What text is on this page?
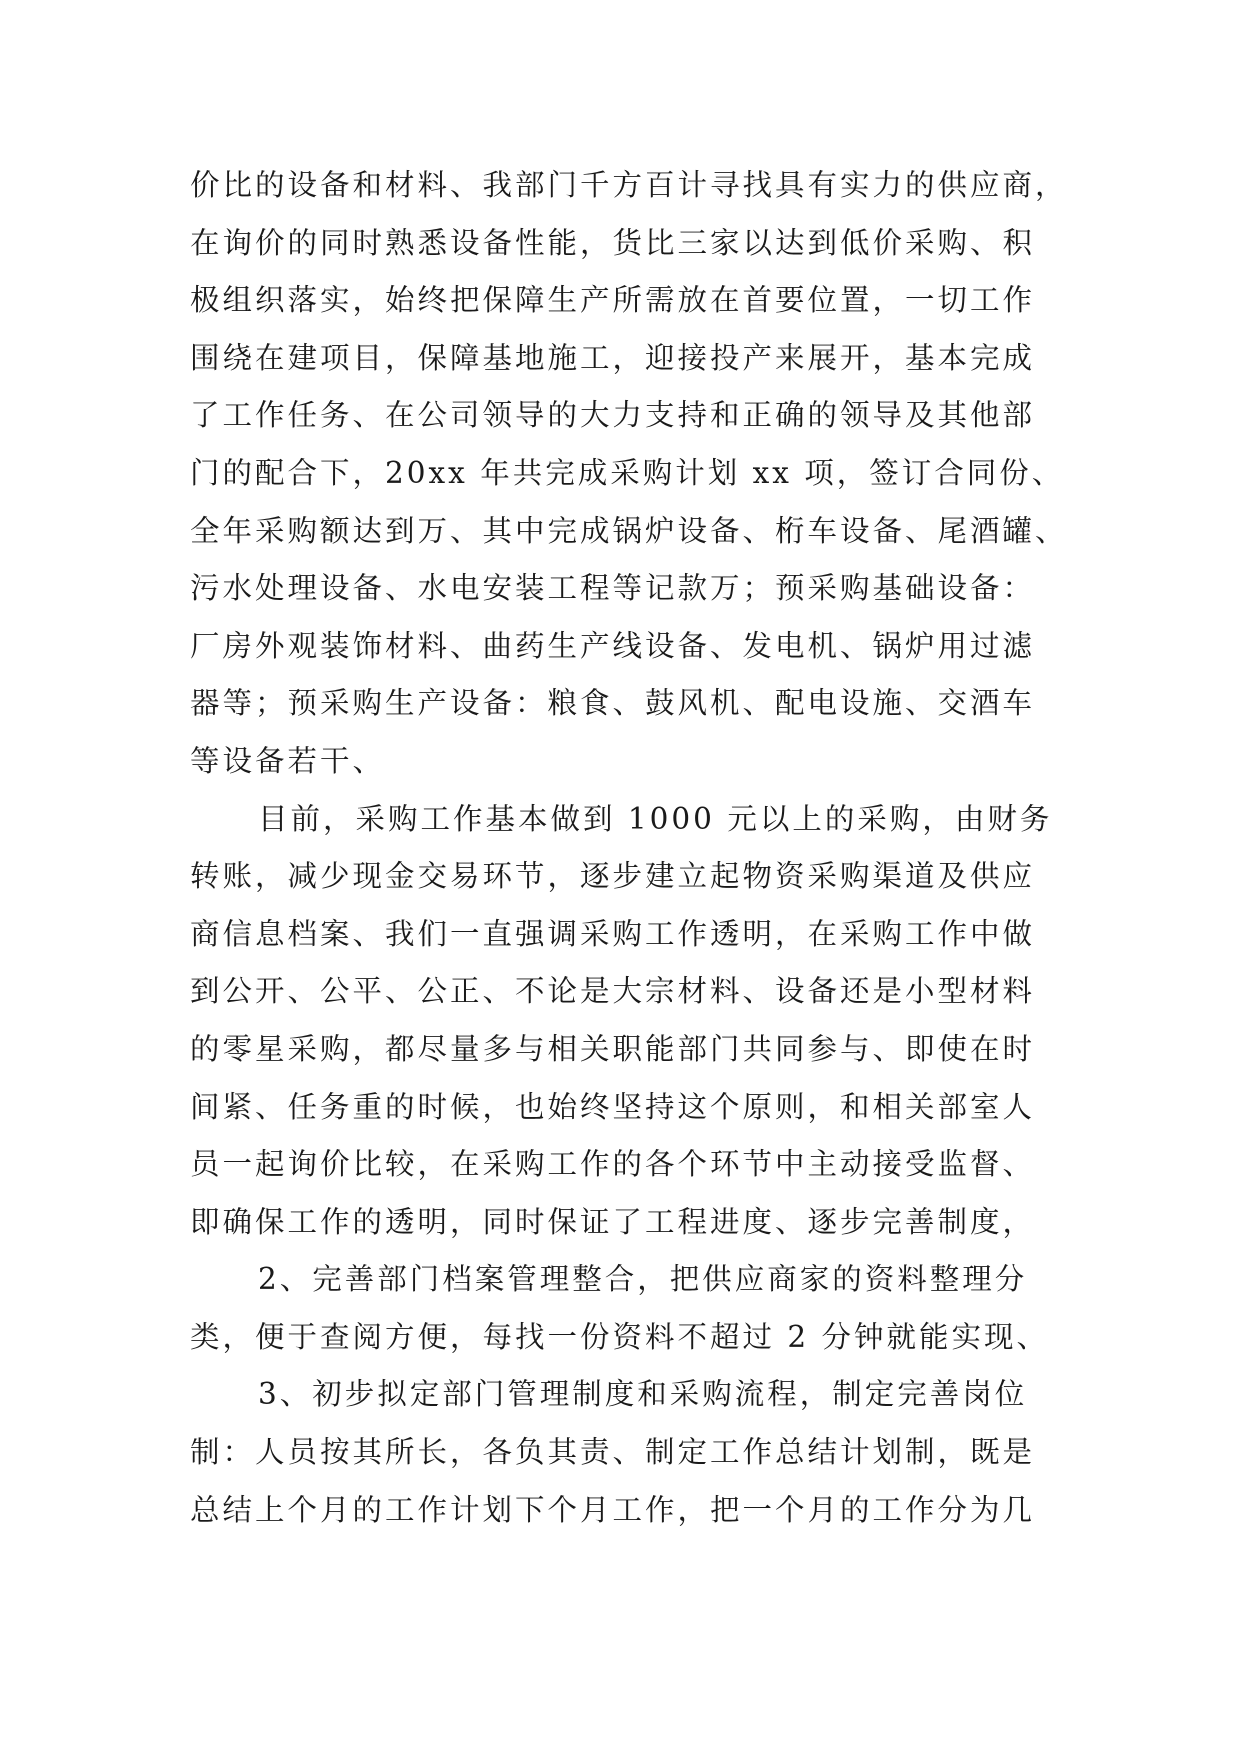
价比的设备和材料、我部门千方百计寻找具有实力的供应商，
在询价的同时熟悉设备性能，货比三家以达到低价采购、积
极组织落实，始终把保障生产所需放在首要位置，一切工作
围绕在建项目，保障基地施工，迎接投产来展开，基本完成
了工作任务、在公司领导的大力支持和正确的领导及其他部
门的配合下，20xx 年共完成采购计划 xx 项，签订合同份、
全年采购额达到万、其中完成锅炉设备、桁车设备、尾酒罐、
污水处理设备、水电安装工程等记款万；预采购基础设备：
厂房外观装饰材料、曲药生产线设备、发电机、锅炉用过滤
器等；预采购生产设备：粮食、鼓风机、配电设施、交酒车
等设备若干、
目前，采购工作基本做到 1000 元以上的采购，由财务
转账，减少现金交易环节，逐步建立起物资采购渠道及供应
商信息档案、我们一直强调采购工作透明，在采购工作中做
到公开、公平、公正、不论是大宗材料、设备还是小型材料
的零星采购，都尽量多与相关职能部门共同参与、即使在时
间紧、任务重的时候，也始终坚持这个原则，和相关部室人
员一起询价比较，在采购工作的各个环节中主动接受监督、
即确保工作的透明，同时保证了工程进度、逐步完善制度，
2、完善部门档案管理整合，把供应商家的资料整理分
类，便于查阅方便，每找一份资料不超过 2 分钟就能实现、
3、初步拟定部门管理制度和采购流程，制定完善岗位
制：人员按其所长，各负其责、制定工作总结计划制，既是
总结上个月的工作计划下个月工作，把一个月的工作分为几
